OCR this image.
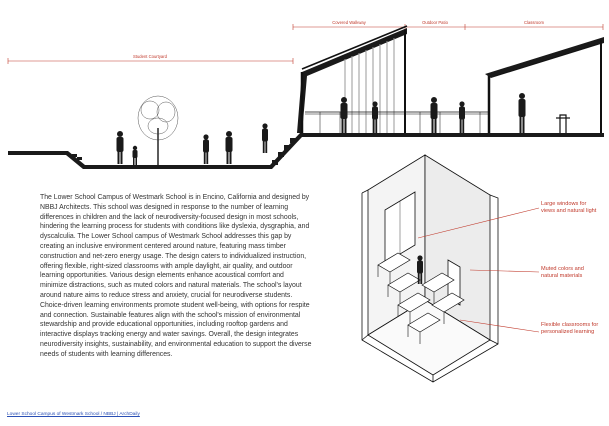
Student Courtyard
Covered Walkway	Outdoor Patio	Classroom

The Lower School Campus of Westmark School is in Encino, California and designed by NBBJ Architects. This school was designed in response to the number of learning differences in children and the lack of neurodiversity-focused design in most schools, hindering the learning process for students with conditions like dyslexia, dysgraphia, and dyscalculia. The Lower School campus of Westmark School addresses this gap by creating an inclusive environment centered around nature, featuring mass timber construction and net-zero energy usage. The design caters to individualized instruction, offering flexible, right-sized classrooms with ample daylight, air quality, and outdoor learning opportunities. Various design elements enhance acoustical comfort and minimize distractions, such as muted colors and natural materials. The school's layout around nature aims to reduce stress and anxiety, crucial for neurodiverse students. Choice-driven learning environments promote student well-being, with options for respite and connection. Sustainable features align with the school's mission of environmental stewardship and provide educational opportunities, including rooftop gardens and interactive displays tracking energy and water savings. Overall, the design integrates neurodiversity insights, sustainability, and environmental education to support the diverse needs of students with learning differences.

Large windows for views and natural light

Muted colors and natural materials

Flexible classrooms for personalized learning

Lower School Campus of Westmark School / NBBJ | ArchDaily
